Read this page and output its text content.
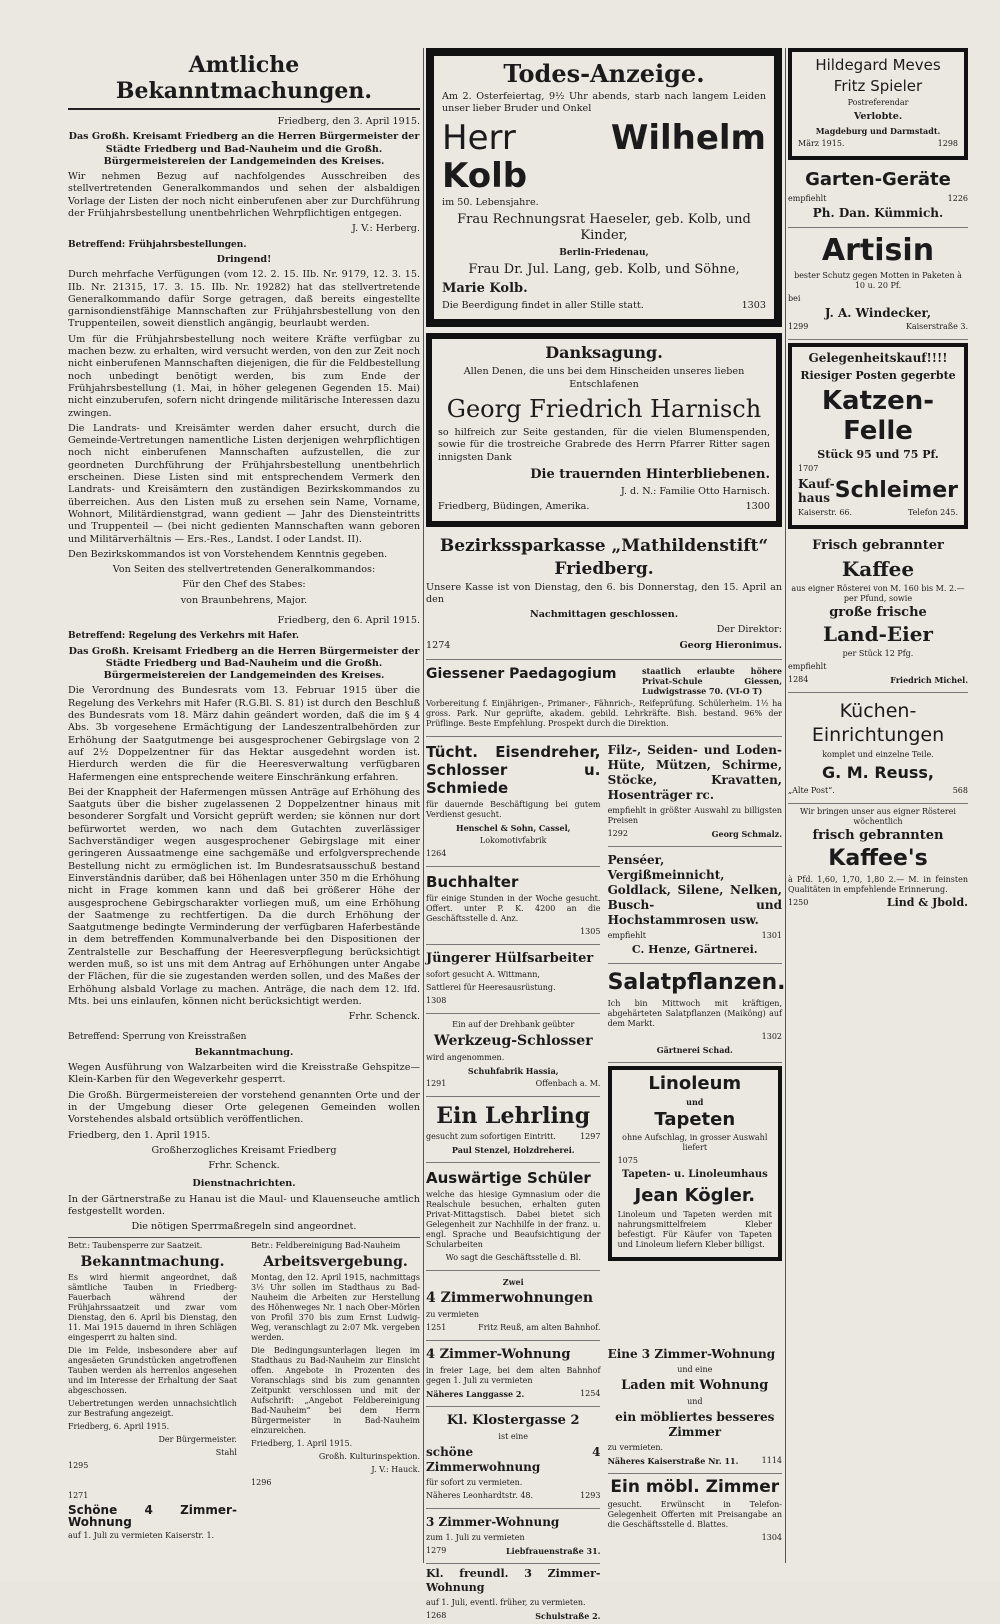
Amtliche Bekanntmachungen.

Friedberg, den 3. April 1915.

Das Großh. Kreisamt Friedberg an die Herren Bürgermeister der Städte Friedberg und Bad-Nauheim und die Großh. Bürgermeistereien der Landgemeinden des Kreises.

Wir nehmen Bezug auf nachfolgendes Ausschreiben des stellvertretenden Generalkommandos und sehen der alsbaldigen Vorlage der Listen der noch nicht einberufenen aber zur Durchführung der Frühjahrsbestellung unentbehrlichen Wehrpflichtigen entgegen.

J. V.: Herberg.

Betreffend: Frühjahrsbestellungen.

Dringend!

Durch mehrfache Verfügungen (vom 12. 2. 15. IIb. Nr. 9179, 12. 3. 15. IIb. Nr. 21315, 17. 3. 15. IIb. Nr. 19282) hat das stellvertretende Generalkommando dafür Sorge getragen, daß bereits eingestellte garnisondienstfähige Mannschaften zur Frühjahrsbestellung von den Truppenteilen, soweit dienstlich angängig, beurlaubt werden.

Um für die Frühjahrsbestellung noch weitere Kräfte verfügbar zu machen bezw. zu erhalten, wird versucht werden, von den zur Zeit noch nicht einberufenen Mannschaften diejenigen, die für die Feldbestellung noch unbedingt benötigt werden, bis zum Ende der Frühjahrsbestellung (1. Mai, in höher gelegenen Gegenden 15. Mai) nicht einzuberufen, sofern nicht dringende militärische Interessen dazu zwingen.

Die Landrats- und Kreisämter werden daher ersucht, durch die Gemeinde-Vertretungen namentliche Listen derjenigen wehrpflichtigen noch nicht einberufenen Mannschaften aufzustellen, die zur geordneten Durchführung der Frühjahrsbestellung unentbehrlich erscheinen. Diese Listen sind mit entsprechendem Vermerk den Landrats- und Kreisämtern den zuständigen Bezirkskommandos zu überreichen. Aus den Listen muß zu ersehen sein Name, Vorname, Wohnort, Militärdienstgrad, wann gedient — Jahr des Diensteintritts und Truppenteil — (bei nicht gedienten Mannschaften wann geboren und Militärverhältnis — Ers.-Res., Landst. I oder Landst. II).

Den Bezirkskommandos ist von Vorstehendem Kenntnis gegeben.

Von Seiten des stellvertretenden Generalkommandos:

Für den Chef des Stabes:

von Braunbehrens, Major.

Friedberg, den 6. April 1915.

Betreffend: Regelung des Verkehrs mit Hafer.

Das Großh. Kreisamt Friedberg an die Herren Bürgermeister der Städte Friedberg und Bad-Nauheim und die Großh. Bürgermeistereien der Landgemeinden des Kreises.

Die Verordnung des Bundesrats vom 13. Februar 1915 über die Regelung des Verkehrs mit Hafer (R.G.Bl. S. 81) ist durch den Beschluß des Bundesrats vom 18. März dahin geändert worden, daß die im § 4 Abs. 3b vorgesehene Ermächtigung der Landeszentralbehörden zur Erhöhung der Saatgutmenge bei ausgesprochener Gebirgslage von 2 auf 2½ Doppelzentner für das Hektar ausgedehnt worden ist. Hierdurch werden die für die Heeresverwaltung verfügbaren Hafermengen eine entsprechende weitere Einschränkung erfahren.

Bei der Knappheit der Hafermengen müssen Anträge auf Erhöhung des Saatguts über die bisher zugelassenen 2 Doppelzentner hinaus mit besonderer Sorgfalt und Vorsicht geprüft werden; sie können nur dort befürwortet werden, wo nach dem Gutachten zuverlässiger Sachverständiger wegen ausgesprochener Gebirgslage mit einer geringeren Aussaatmenge eine sachgemäße und erfolgversprechende Bestellung nicht zu ermöglichen ist. Im Bundesratsausschuß bestand Einverständnis darüber, daß bei Höhenlagen unter 350 m die Erhöhung nicht in Frage kommen kann und daß bei größerer Höhe der ausgesprochene Gebirgscharakter vorliegen muß, um eine Erhöhung der Saatmenge zu rechtfertigen. Da die durch Erhöhung der Saatgutmenge bedingte Verminderung der verfügbaren Haferbestände in dem betreffenden Kommunalverbande bei den Dispositionen der Zentralstelle zur Beschaffung der Heeresverpflegung berücksichtigt werden muß, so ist uns mit dem Antrag auf Erhöhungen unter Angabe der Flächen, für die sie zugestanden werden sollen, und des Maßes der Erhöhung alsbald Vorlage zu machen. Anträge, die nach dem 12. lfd. Mts. bei uns einlaufen, können nicht berücksichtigt werden.

Frhr. Schenck.

Betreffend: Sperrung von Kreisstraßen

Bekanntmachung.

Wegen Ausführung von Walzarbeiten wird die Kreisstraße Gehspitze—Klein-Karben für den Wegeverkehr gesperrt.

Die Großh. Bürgermeistereien der vorstehend genannten Orte und der in der Umgebung dieser Orte gelegenen Gemeinden wollen Vorstehendes alsbald ortsüblich veröffentlichen.

Friedberg, den 1. April 1915.

Großherzogliches Kreisamt Friedberg

Frhr. Schenck.

Dienstnachrichten.

In der Gärtnerstraße zu Hanau ist die Maul- und Klauenseuche amtlich festgestellt worden.

Die nötigen Sperrmaßregeln sind angeordnet.

Betr.: Taubensperre zur Saatzeit.

Bekanntmachung.

Es wird hiermit angeordnet, daß sämtliche Tauben in Friedberg-Fauerbach während der Frühjahrssaatzeit und zwar vom Dienstag, den 6. April bis Dienstag, den 11. Mai 1915 dauernd in ihren Schlägen eingesperrt zu halten sind.

Die im Felde, insbesondere aber auf angesäeten Grundstücken angetroffenen Tauben werden als herrenlos angesehen und im Interesse der Erhaltung der Saat abgeschossen.

Uebertretungen werden unnachsichtlich zur Bestrafung angezeigt.

Friedberg, 6. April 1915.

Der Bürgermeister.

Stahl

1295

Betr.: Feldbereinigung Bad-Nauheim

Arbeitsvergebung.

Montag, den 12. April 1915, nachmittags 3½ Uhr sollen im Stadthaus zu Bad-Nauheim die Arbeiten zur Herstellung des Höhenweges Nr. 1 nach Ober-Mörlen von Profil 370 bis zum Ernst Ludwig-Weg, veranschlagt zu 2:07 Mk. vergeben werden.

Die Bedingungsunterlagen liegen im Stadthaus zu Bad-Nauheim zur Einsicht offen. Angebote in Prozenten des Voranschlags sind bis zum genannten Zeitpunkt verschlossen und mit der Aufschrift: „Angebot Feldbereinigung Bad-Nauheim“ bei dem Herrn Bürgermeister in Bad-Nauheim einzureichen.

Friedberg, 1. April 1915.

Großh. Kulturinspektion.

J. V.: Hauck.

1296

1271

Schöne 4 Zimmer-Wohnung

auf 1. Juli zu vermieten Kaiserstr. 1.

Todes-Anzeige.

Am 2. Osterfeiertag, 9½ Uhr abends, starb nach langem Leiden unser lieber Bruder und Onkel

Herr	Wilhelm Kolb

im 50. Lebensjahre.

Frau Rechnungsrat Haeseler, geb. Kolb, und Kinder,

Berlin-Friedenau,

Frau Dr. Jul. Lang, geb. Kolb, und Söhne,

Marie Kolb.

Die Beerdigung findet in aller Stille statt.	1303

Danksagung.

Allen Denen, die uns bei dem Hinscheiden unseres lieben Entschlafenen

Georg Friedrich Harnisch

so hilfreich zur Seite gestanden, für die vielen Blumenspenden, sowie für die trostreiche Grabrede des Herrn Pfarrer Ritter sagen innigsten Dank

Die trauernden Hinterbliebenen.

J. d. N.: Familie Otto Harnisch.

Friedberg, Büdingen, Amerika.	1300

Bezirkssparkasse „Mathildenstift“

Friedberg.

Unsere Kasse ist von Dienstag, den 6. bis Donnerstag, den 15. April an den

Nachmittagen geschlossen.

Der Direktor:

1274	Georg Hieronimus.

Giessener Paedagogium	staatlich erlaubte höhere Privat-Schule Giessen, Ludwigstrasse 70. (VI-O T)

Vorbereitung f. Einjährigen-, Primaner-, Fähnrich-, Reifeprüfung. Schülerheim. 1½ ha gross. Park. Nur geprüfte, akadem. gebild. Lehrkräfte. Bish. bestand. 96% der Prüflinge. Beste Empfehlung. Prospekt durch die Direktion.

Tücht. Eisendreher, Schlosser u. Schmiede

für dauernde Beschäftigung bei gutem Verdienst gesucht.

Henschel & Sohn, Cassel,

Lokomotivfabrik

1264

Buchhalter

für einige Stunden in der Woche gesucht. Offert. unter P. K. 4200 an die Geschäftsstelle d. Anz.

1305

Jüngerer Hülfsarbeiter

sofort gesucht A. Wittmann,

Sattlerei für Heeresausrüstung.

1308

Ein auf der Drehbank geübter

Werkzeug-Schlosser

wird angenommen.

Schuhfabrik Hassia,

1291	Offenbach a. M.

Ein Lehrling

gesucht zum sofortigen Eintritt.	1297

Paul Stenzel, Holzdreherei.

Auswärtige Schüler

welche das hiesige Gymnasium oder die Realschule besuchen, erhalten guten Privat-Mittagstisch. Dabei bietet sich Gelegenheit zur Nachhilfe in der franz. u. engl. Sprache und Beaufsichtigung der Schularbeiten

Wo sagt die Geschäftsstelle d. Bl.

Zwei

4 Zimmerwohnungen

zu vermieten

1251	Fritz Reuß, am alten Bahnhof.

Filz-, Seiden- und Loden-Hüte, Mützen, Schirme, Stöcke, Kravatten, Hosenträger rc.

empfiehlt in größter Auswahl zu billigsten Preisen

1292	Georg Schmalz.

Penséer, Vergißmeinnicht, Goldlack, Silene, Nelken, Busch- und Hochstammrosen usw.

empfiehlt	1301

C. Henze, Gärtnerei.

Salatpflanzen.

Ich bin Mittwoch mit kräftigen, abgehärteten Salatpflanzen (Maiköng) auf dem Markt.

1302

Gärtnerei Schad.

Linoleum

und

Tapeten

ohne Aufschlag, in grosser Auswahl liefert

1075

Tapeten- u. Linoleumhaus

Jean Kögler.

Linoleum und Tapeten werden mit nahrungsmittelfreiem Kleber befestigt. Für Käufer von Tapeten und Linoleum liefern Kleber billigst.

4 Zimmer-Wohnung

in freier Lage, bei dem alten Bahnhof gegen 1. Juli zu vermieten

Näheres Langgasse 2.	1254

Kl. Klostergasse 2

ist eine

schöne 4 Zimmerwohnung

für sofort zu vermieten.

Näheres Leonhardtstr. 48.	1293

3 Zimmer-Wohnung

zum 1. Juli zu vermieten

1279	Liebfrauenstraße 31.

Kl. freundl. 3 Zimmer-Wohnung

auf 1. Juli, eventl. früher, zu vermieten.

1268	Schulstraße 2.

Eine 3 Zimmer-Wohnung

und eine

Laden mit Wohnung

und

ein möbliertes besseres Zimmer

zu vermieten.

Näheres Kaiserstraße Nr. 11.	1114

Ein möbl. Zimmer

gesucht. Erwünscht in Telefon-Gelegenheit Offerten mit Preisangabe an die Geschäftsstelle d. Blattes.

1304

Hildegard Meves

Fritz Spieler

Postreferendar

Verlobte.

Magdeburg und Darmstadt.

März 1915.	1298

Garten-Geräte

empfiehlt	1226

Ph. Dan. Kümmich.

Artisin

bester Schutz gegen Motten in Paketen à 10 u. 20 Pf.

bei

J. A. Windecker,

1299	Kaiserstraße 3.

Gelegenheitskauf!!!!

Riesiger Posten gegerbte

Katzen-Felle

Stück 95 und 75 Pf.

1707

Kauf-
haus Schleimer

Kaiserstr. 66.	Telefon 245.

Frisch gebrannter

Kaffee

aus eigner Rösterei von M. 160 bis M. 2.— per Pfund, sowie

große frische

Land-Eier

per Stück 12 Pfg.

empfiehlt

1284	Friedrich Michel.

Küchen-Einrichtungen

komplet und einzelne Teile.

G. M. Reuss,

„Alte Post“.	568

Wir bringen unser aus eigner Rösterei wöchentlich

frisch gebrannten

Kaffee's

à Pfd. 1,60, 1,70, 1,80 2.— M. in feinsten Qualitäten in empfehlende Erinnerung.

1250	Lind & Jbold.
